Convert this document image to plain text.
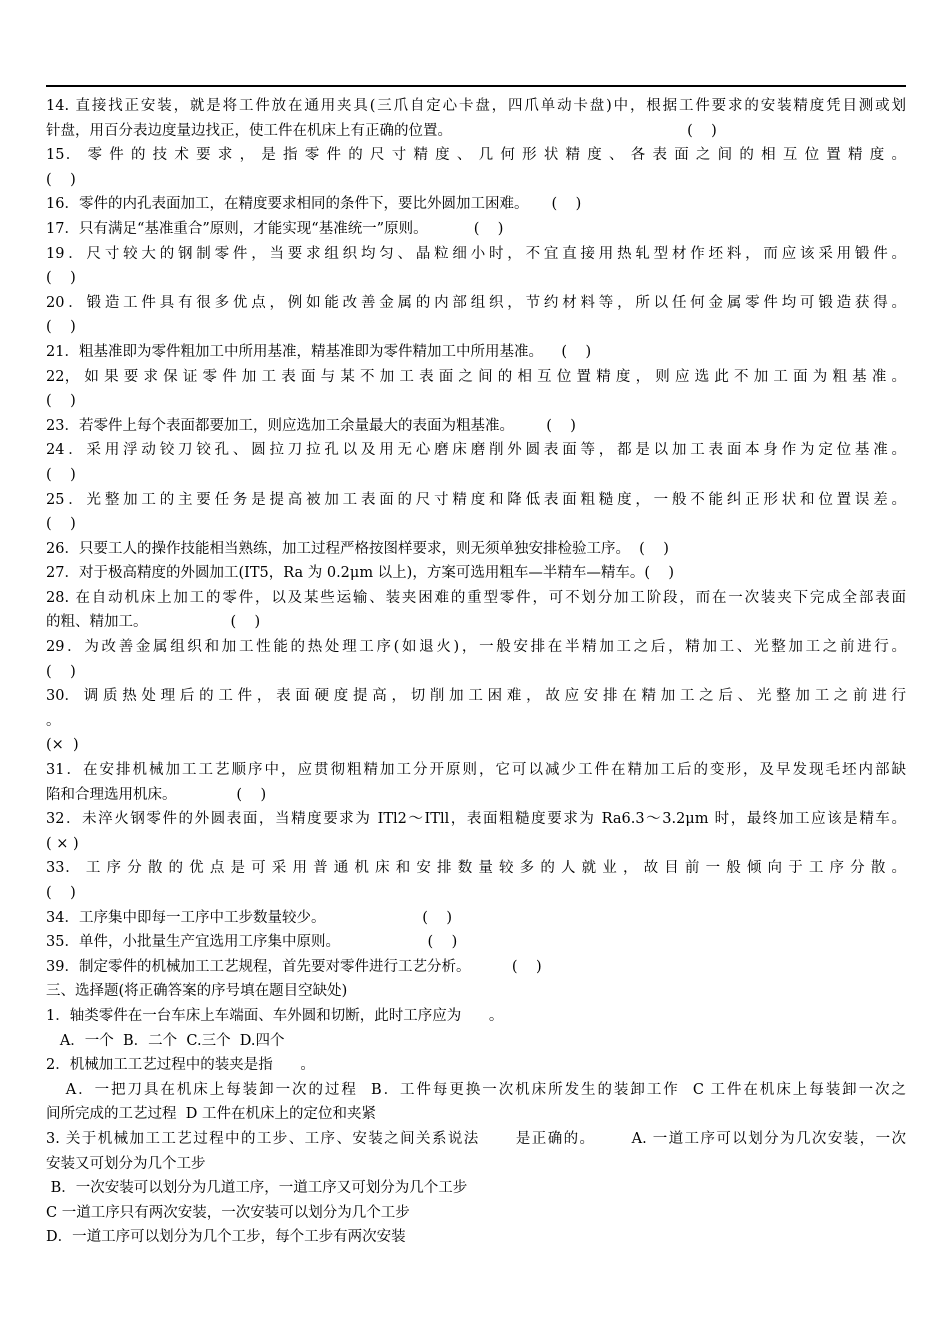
14. 直接找正安装，就是将工件放在通用夹具(三爪自定心卡盘，四爪单动卡盘)中，根据工件要求的安装精度凭目测或划

针盘，用百分表边度量边找正，使工件在机床上有正确的位置。                                                   (    )

15． 零 件 的 技 术 要 求 ， 是 指 零 件 的 尺 寸 精 度 、 几 何 形 状 精 度 、 各 表 面 之 间 的 相 互 位 置 精 度 。

(    )

16．零件的内孔表面加工，在精度要求相同的条件下，要比外圆加工困难。     (    )

17．只有满足“基准重合”原则，才能实现“基准统一”原则。          (    )

19．尺寸较大的钢制零件，当要求组织均匀、晶粒细小时，不宜直接用热轧型材作坯料，而应该采用锻件。

(    )

20．锻造工件具有很多优点，例如能改善金属的内部组织，节约材料等，所以任何金属零件均可锻造获得。

(    )

21．粗基准即为零件粗加工中所用基准，精基准即为零件精加工中所用基准。    (    )

22， 如 果 要 求 保 证 零 件 加 工 表 面 与 某 不 加 工 表 面 之 间 的 相 互 位 置 精 度 ， 则 应 选 此 不 加 工 面 为 粗 基 准 。

(    )

23．若零件上每个表面都要加工，则应选加工余量最大的表面为粗基准。       (    )

24．采用浮动铰刀铰孔、圆拉刀拉孔以及用无心磨床磨削外圆表面等，都是以加工表面本身作为定位基准。

(    )

25．光整加工的主要任务是提高被加工表面的尺寸精度和降低表面粗糙度，一般不能纠正形状和位置误差。

(    )

26．只要工人的操作技能相当熟练，加工过程严格按图样要求，则无须单独安排检验工序。  (    )

27．对于极高精度的外圆加工(IT5，Ra 为 0.2μm 以上)，方案可选用粗车—半精车—精车。(    )

28. 在自动机床上加工的零件，以及某些运输、装夹困难的重型零件，可不划分加工阶段，而在一次装夹下完成全部表面

的粗、精加工。                  (    )

29．为改善金属组织和加工性能的热处理工序(如退火)，一般安排在半精加工之后，精加工、光整加工之前进行。

(    )

30． 调 质 热 处 理 后 的 工 件 ， 表 面 硬 度 提 高 ， 切 削 加 工 困 难 ， 故 应 安 排 在 精 加 工 之 后 、 光 整 加 工 之 前 进 行 。

(×  )

31．在安排机械加工工艺顺序中，应贯彻粗精加工分开原则，它可以减少工件在精加工后的变形，及早发现毛坯内部缺

陷和合理选用机床。             (    )

32．未淬火钢零件的外圆表面，当精度要求为 ITl2～ITll，表面粗糙度要求为 Ra6.3～3.2μm 时，最终加工应该是精车。

( × )

33． 工 序 分 散 的 优 点 是 可 采 用 普 通 机 床 和 安 排 数 量 较 多 的 人 就 业 ， 故 目 前 一 般 倾 向 于 工 序 分 散 。

(    )

34．工序集中即每一工序中工步数量较少。                     (    )

35．单件，小批量生产宜选用工序集中原则。                   (    )

39．制定零件的机械加工工艺规程，首先要对零件进行工艺分析。         (    )

三、选择题(将正确答案的序号填在题目空缺处)

1．轴类零件在一台车床上车端面、车外圆和切断，此时工序应为      。

A．一个  B．二个  C.三个  D.四个

2．机械加工工艺过程中的装夹是指      。

A．一把刀具在机床上每装卸一次的过程  B．工件每更换一次机床所发生的装卸工作  C 工件在机床上每装卸一次之

间所完成的工艺过程  D 工件在机床上的定位和夹紧

3. 关于机械加工工艺过程中的工步、工序、安装之间关系说法      是正确的。      A. 一道工序可以划分为几次安装，一次

安装又可划分为几个工步

B．一次安装可以划分为几道工序，一道工序又可划分为几个工步

C 一道工序只有两次安装，一次安装可以划分为几个工步

D．一道工序可以划分为几个工步，每个工步有两次安装
